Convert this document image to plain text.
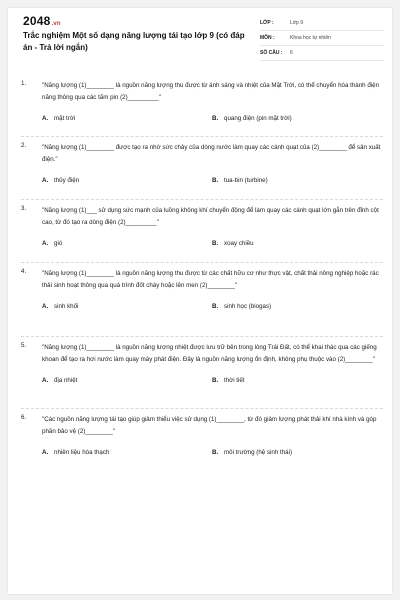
2048.vn
Trắc nghiệm Một số dạng năng lượng tái tạo lớp 9 (có đáp án - Trả lời ngắn)
LỚP :	Lớp 9
MÔN :	Khoa học tự nhiên
SỐ CÂU :	6
1.	"Năng lượng (1)________ là nguồn năng lượng thu được từ ánh sáng và nhiệt của Mặt Trời, có thể chuyển hóa thành điện năng thông qua các tấm pin (2)_________"
A. mặt trời	B. quang điện (pin mặt trời)
2.	"Năng lượng (1)________ được tạo ra nhờ sức chảy của dòng nước làm quay các cánh quạt của (2)________ để sản xuất điện."
A. thủy điện	B. tua-bin (turbine)
3.	"Năng lượng (1)___ sử dụng sức mạnh của luồng không khí chuyển động để làm quay các cánh quạt lớn gắn trên đỉnh cột cao, từ đó tạo ra dòng điện (2)_________"
A. gió	B. xoay chiều
4.	"Năng lượng (1)________ là nguồn năng lượng thu được từ các chất hữu cơ như thực vật, chất thải nông nghiệp hoặc rác thải sinh hoạt thông qua quá trình đốt cháy hoặc lên men (2)________"
A. sinh khối	B. sinh học (biogas)
5.	"Năng lượng (1)________ là nguồn năng lượng nhiệt được lưu trữ bên trong lòng Trái Đất, có thể khai thác qua các giếng khoan để tạo ra hơi nước làm quay máy phát điện. Đây là nguồn năng lượng ổn định, không phụ thuộc vào (2)________"
A. địa nhiệt	B. thời tiết
6.	"Các nguồn năng lượng tái tạo giúp giảm thiểu việc sử dụng (1)________, từ đó giảm lượng phát thải khí nhà kính và góp phần bảo vệ (2)________"
A. nhiên liệu hóa thạch	B. môi trường (hệ sinh thái)
